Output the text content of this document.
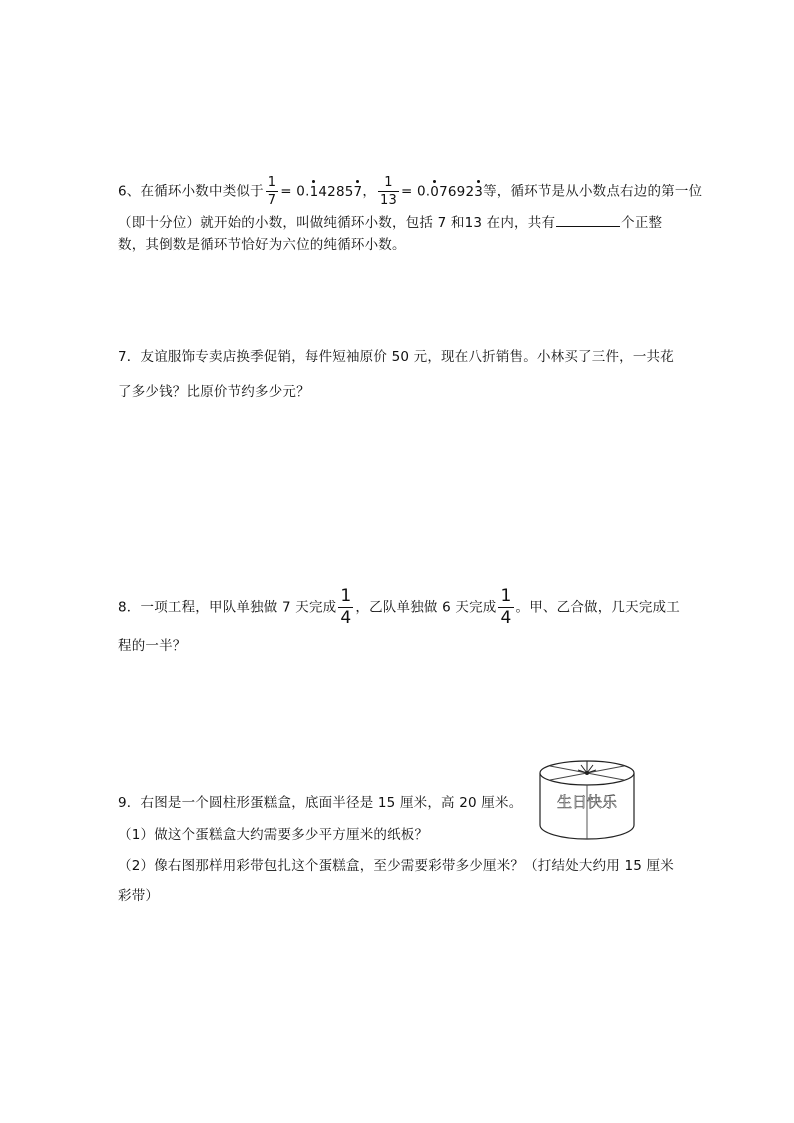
6、在循环小数中类似于 $\frac{1}{7} = 0.142857$， $\frac{1}{13} = 0.076923$等，循环节是从小数点右边的第一位
（即十分位）就开始的小数，叫做纯循环小数，包括 7 和13 在内，共有	个正整
数，其倒数是循环节恰好为六位的纯循环小数。
7．友谊服饰专卖店换季促销，每件短袖原价 50 元，现在八折销售。小林买了三件，一共花
了多少钱？比原价节约多少元？
8．一项工程，甲队单独做 7 天完成 $\frac{1}{4}$ ，乙队单独做 6 天完成 $\frac{1}{4}$ 。甲、乙合做，几天完成工
程的一半？
9．右图是一个圆柱形蛋糕盒，底面半径是 15 厘米，高 20 厘米。
（1）做这个蛋糕盒大约需要多少平方厘米的纸板？
（2）像右图那样用彩带包扎这个蛋糕盒，至少需要彩带多少厘米？（打结处大约用 15 厘米
彩带）
生日快乐
